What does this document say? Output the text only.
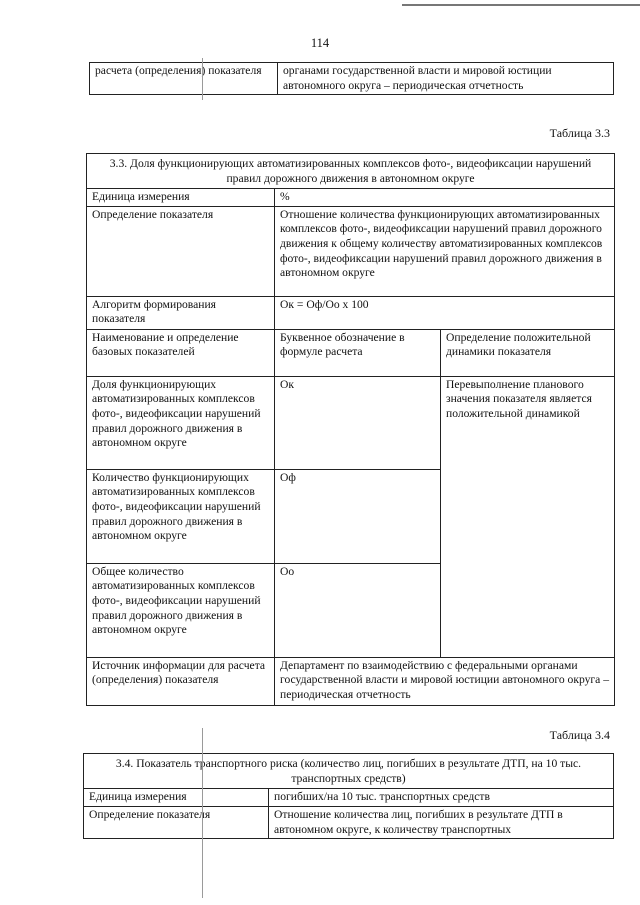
114
расчета (определения) показателя	органами государственной власти и мировой юстиции автономного округа – периодическая отчетность
Таблица 3.3
3.3. Доля функционирующих автоматизированных комплексов фото-, видеофиксации нарушений правил дорожного движения в автономном округе		
Единица измерения	%	
Определение показателя	Отношение количества функционирующих автоматизированных комплексов фото-, видеофиксации нарушений правил дорожного движения к общему количеству автоматизированных комплексов фото-, видеофиксации нарушений правил дорожного движения в автономном округе	
Алгоритм формирования показателя	Ок = Оф/Оо х 100	
Наименование и определение базовых показателей	Буквенное обозначение в формуле расчета	Определение положительной динамики показателя
Доля функционирующих автоматизированных комплексов фото-, видеофиксации нарушений правил дорожного движения в автономном округе	Ок	Перевыполнение планового значения показателя является положительной динамикой
Количество функционирующих автоматизированных комплексов фото-, видеофиксации нарушений правил дорожного движения в автономном округе	Оф	
Общее количество автоматизированных комплексов фото-, видеофиксации нарушений правил дорожного движения в автономном округе	Оо	
Источник информации для расчета (определения) показателя	Департамент по взаимодействию с федеральными органами государственной власти и мировой юстиции автономного округа – периодическая отчетность	
Таблица 3.4
3.4. Показатель транспортного риска (количество лиц, погибших в результате ДТП, на 10 тыс. транспортных средств)	
Единица измерения	погибших/на 10 тыс. транспортных средств
Определение показателя	Отношение количества лиц, погибших в результате ДТП в автономном округе, к количеству транспортных
